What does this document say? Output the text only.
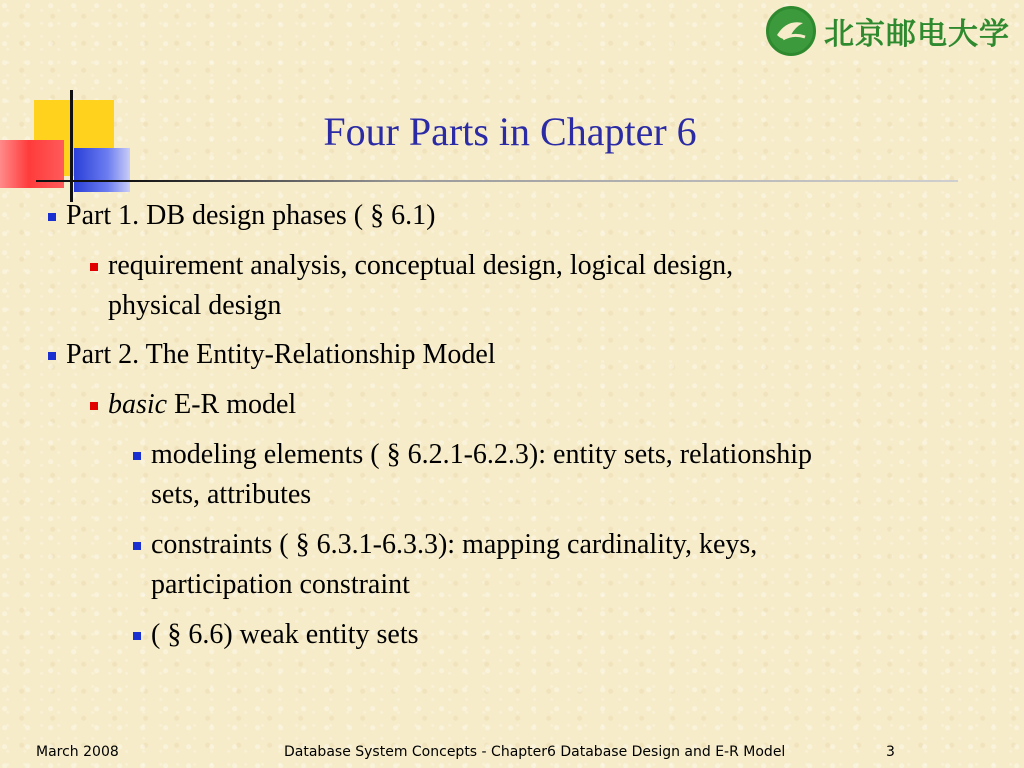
北京邮电大学
Four Parts in Chapter 6
Part 1. DB design phases ( § 6.1)
requirement analysis, conceptual design, logical design,
physical design
Part 2. The Entity-Relationship Model
basic E-R model
modeling elements ( § 6.2.1-6.2.3): entity sets, relationship
sets, attributes
constraints ( § 6.3.1-6.3.3): mapping cardinality, keys,
participation constraint
( § 6.6) weak entity sets
March 2008	Database System Concepts - Chapter6 Database Design and E-R Model	3
